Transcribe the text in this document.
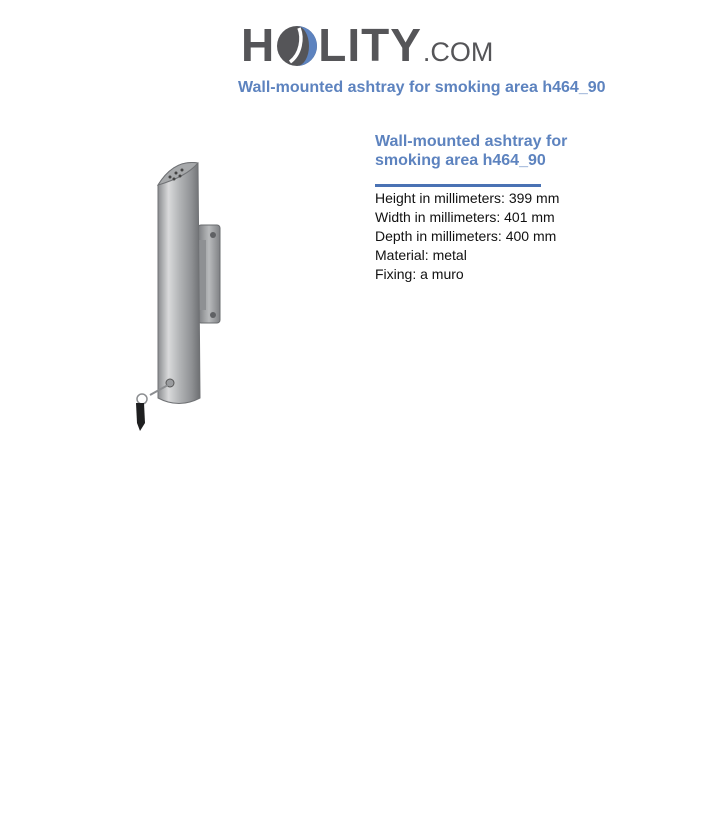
H LITY .COM
Wall-mounted ashtray for smoking area h464_90
Wall-mounted ashtray for
smoking area h464_90
Height in millimeters: 399 mm
Width in millimeters: 401 mm
Depth in millimeters: 400 mm
Material: metal
Fixing: a muro
